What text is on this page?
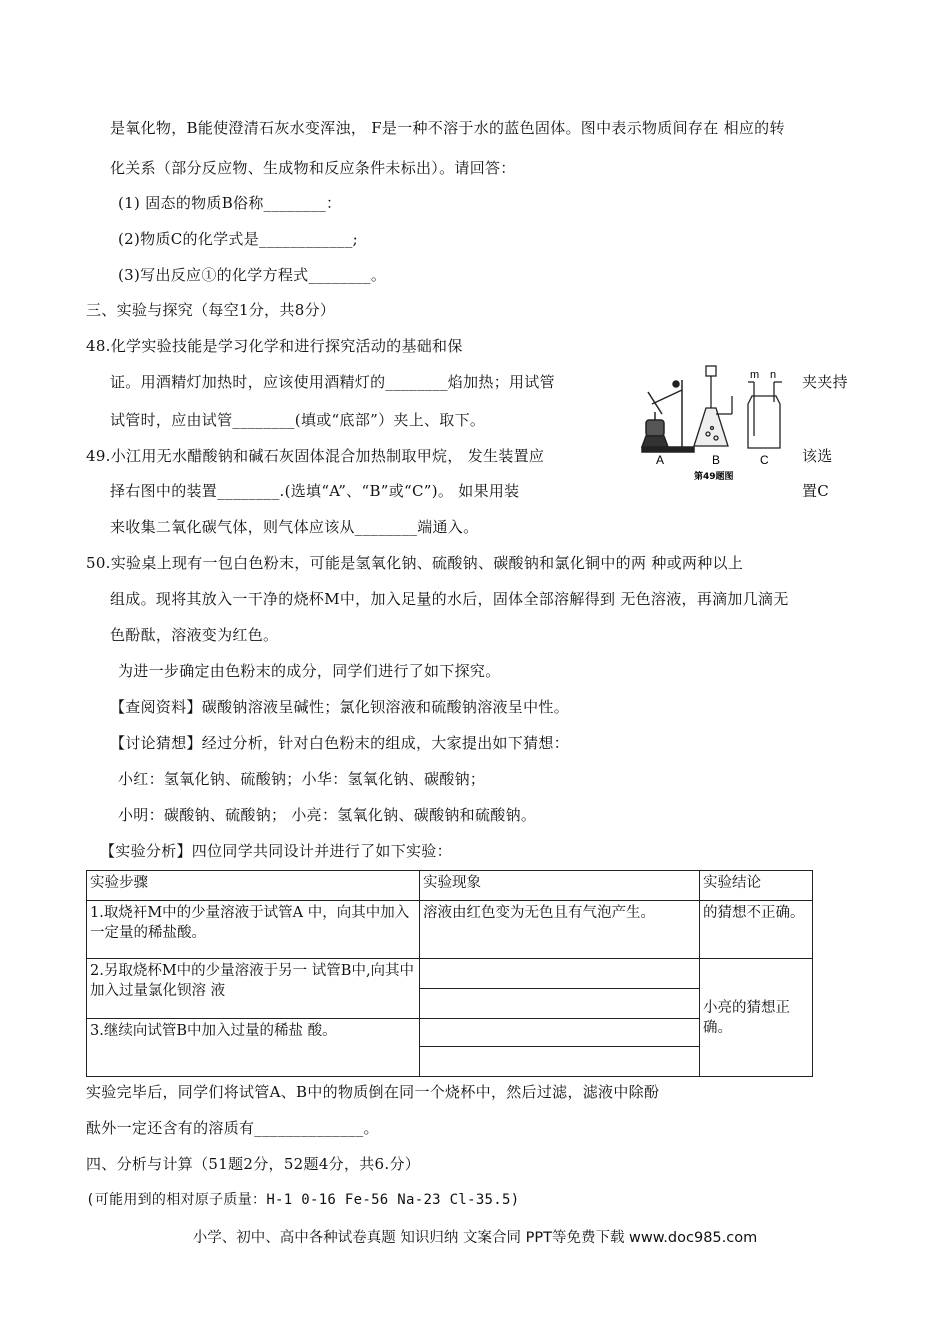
是氧化物，B能使澄清石灰水变浑浊， F是一种不溶于水的蓝色固体。图中表示物质间存在 相应的转
化关系（部分反应物、生成物和反应条件未标出）。请回答：
(1) 固态的物质B俗称________：
(2)物质C的化学式是____________;
(3)写出反应①的化学方程式________。
三、实验与探究（每空1分，共8分）
48.化学实验技能是学习化学和进行探究活动的基础和保
证。用酒精灯加热时，应该使用酒精灯的________焰加热；用试管	夹夹持
试管时，应由试管________(填或“底部”）夹上、取下。
49.小江用无水醋酸钠和碱石灰固体混合加热制取甲烷， 发生装置应	该选
择右图中的装置________.(选填“A”、“B”或“C”)。 如果用装	置C
来收集二氧化碳气体，则气体应该从________端通入。
50.实验桌上现有一包白色粉末，可能是氢氧化钠、硫酸钠、碳酸钠和氯化铜中的两 种或两种以上
组成。现将其放入一干净的烧杯M中，加入足量的水后，固体全部溶解得到 无色溶液，再滴加几滴无
色酚酞，溶液变为红色。
为进一步确定由色粉末的成分，同学们进行了如下探究。
【查阅资料】碳酸钠溶液呈碱性；氯化钡溶液和硫酸钠溶液呈中性。
【讨论猜想】经过分析，针对白色粉末的组成，大家提出如下猜想：
小红：氢氧化钠、硫酸钠；小华：氢氧化钠、碳酸钠；
小明：碳酸钠、硫酸钠； 小亮：氢氧化钠、碳酸钠和硫酸钠。
【实验分析】四位同学共同设计并进行了如下实验：
A	B	C
m n
第49题图
实验步骤	实验现象	实验结论
1.取烧衦M中的少量溶液于试管A 中，向其中加入一定量的稀盐酸。	溶液由红色变为无色且有气泡产生。	的猜想不正确。
2.另取烧杯M中的少量溶液于另一 试管B中,向其中加入过量氯化钡溶 液		小亮的猜想正确。

3.继续向试管B中加入过量的稀盐 酸。		

实验完毕后，同学们将试管A、B中的物质倒在同一个烧杯中，然后过滤，滤液中除酚
酞外一定还含有的溶质有______________。
四、分析与计算（51题2分，52题4分，共6.分）
(可能用到的相对原子质量：H-1 0-16 Fe-56 Na-23 Cl-35.5)
小学、初中、高中各种试卷真题 知识归纳 文案合同 PPT等免费下载 www.doc985.com
